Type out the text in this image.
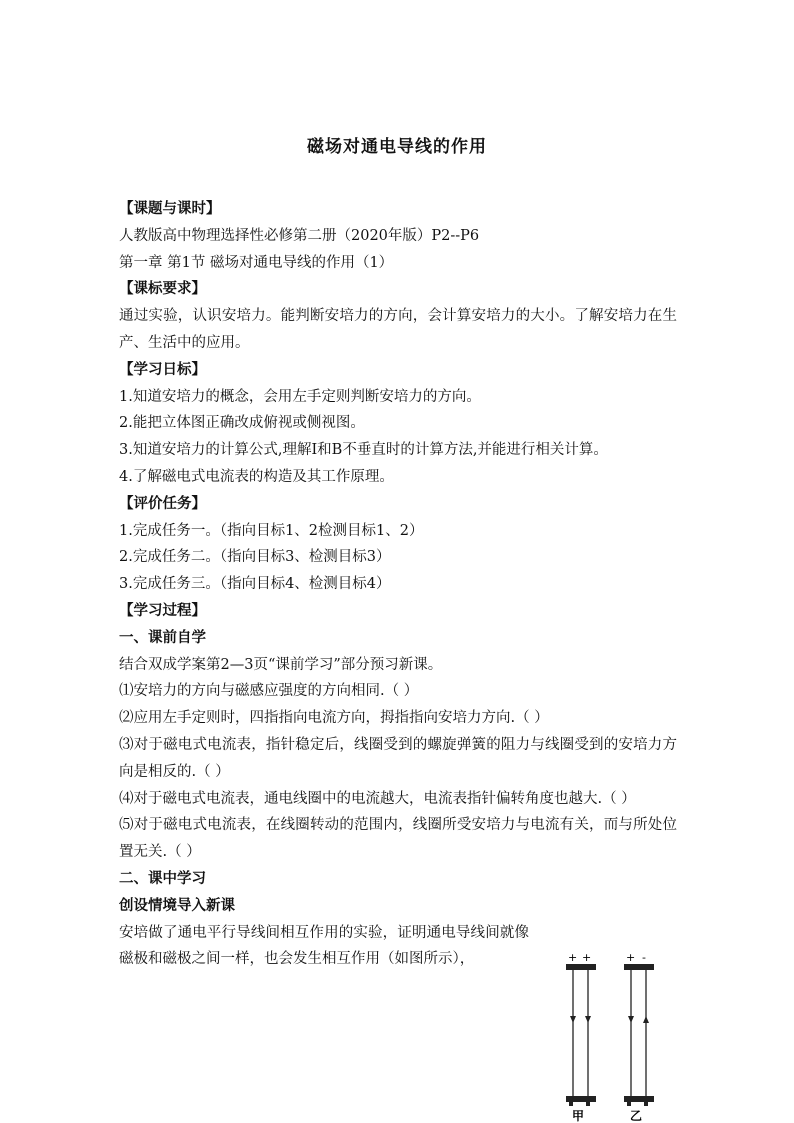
磁场对通电导线的作用

【课题与课时】

人教版高中物理选择性必修第二册（2020年版）P2--P6

第一章 第1节 磁场对通电导线的作用（1）

【课标要求】

通过实验，认识安培力。能判断安培力的方向，会计算安培力的大小。了解安培力在生产、生活中的应用。

【学习日标】

1.知道安培力的概念，会用左手定则判断安培力的方向。

2.能把立体图正确改成俯视或侧视图。

3.知道安培力的计算公式,理解I和B不垂直时的计算方法,并能进行相关计算。

4.了解磁电式电流表的构造及其工作原理。

【评价任务】

1.完成任务一。（指向目标1、2检测目标1、2）

2.完成任务二。（指向目标3、检测目标3）

3.完成任务三。（指向目标4、检测目标4）

【学习过程】

一、课前自学

结合双成学案第2—3页“课前学习”部分预习新课。

⑴安培力的方向与磁感应强度的方向相同.（ ）

⑵应用左手定则时，四指指向电流方向，拇指指向安培力方向.（ ）

⑶对于磁电式电流表，指针稳定后，线圈受到的螺旋弹簧的阻力与线圈受到的安培力方向是相反的.（ ）

⑷对于磁电式电流表，通电线圈中的电流越大，电流表指针偏转角度也越大.（ ）

⑸对于磁电式电流表，在线圈转动的范围内，线圈所受安培力与电流有关，而与所处位置无关.（ ）

二、课中学习

创设情境导入新课

安培做了通电平行导线间相互作用的实验，证明通电导线间就像磁极和磁极之间一样，也会发生相互作用（如图所示），	+ +
甲
+ -
乙
